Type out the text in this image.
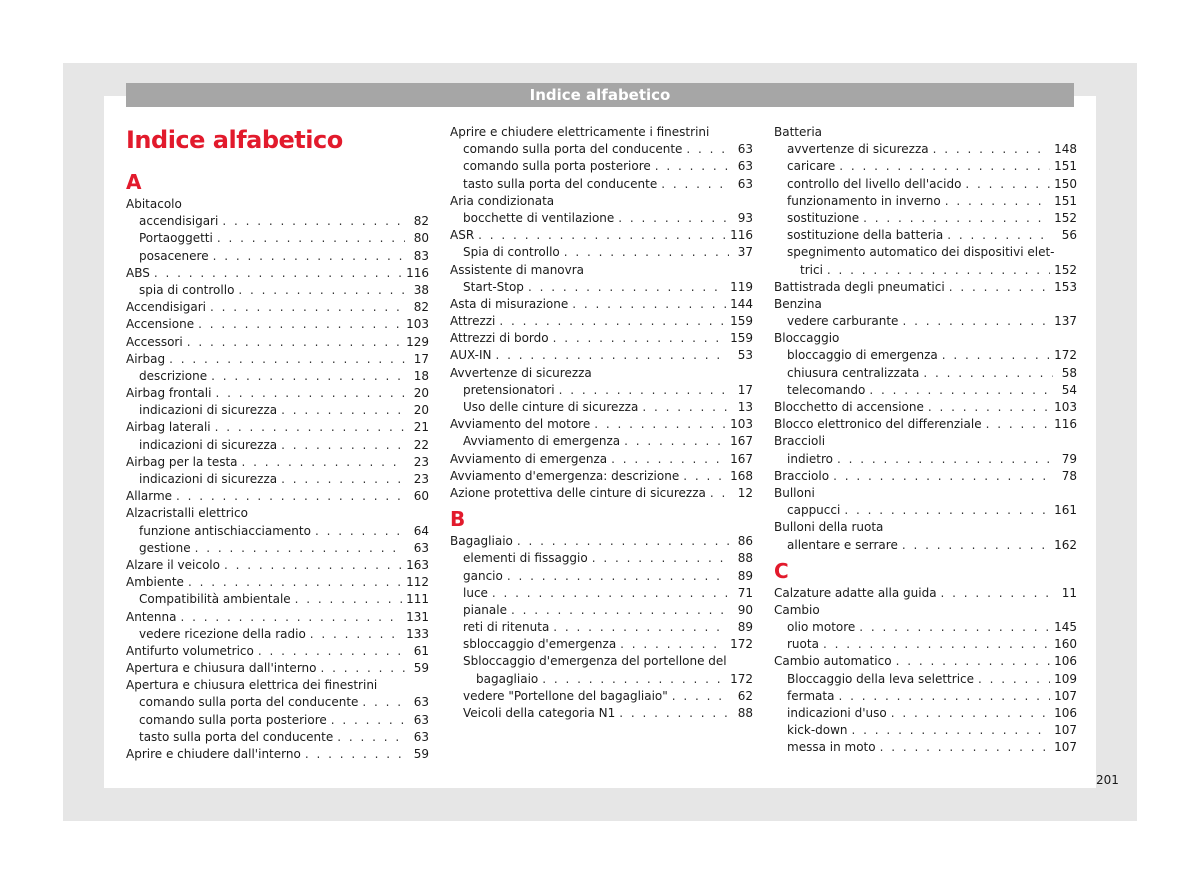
Indice alfabetico
Indice alfabetico
A
Abitacolo
accendisigari . . .	82
Portaoggetti . . .	80
posacenere . . .	83
ABS . . .	116
spia di controllo . . .	38
Accendisigari . . .	82
Accensione . . .	103
Accessori . . .	129
Airbag . . .	17
descrizione . . .	18
Airbag frontali . . .	20
indicazioni di sicurezza . . .	20
Airbag laterali . . .	21
indicazioni di sicurezza . . .	22
Airbag per la testa . . .	23
indicazioni di sicurezza . . .	23
Allarme . . .	60
Alzacristalli elettrico
funzione antischiacciamento . . .	64
gestione . . .	63
Alzare il veicolo . . .	163
Ambiente . . .	112
Compatibilità ambientale . . .	111
Antenna . . .	131
vedere ricezione della radio . . .	133
Antifurto volumetrico . . .	61
Apertura e chiusura dall'interno . . .	59
Apertura e chiusura elettrica dei finestrini
comando sulla porta del conducente . . .	63
comando sulla porta posteriore . . .	63
tasto sulla porta del conducente . . .	63
Aprire e chiudere dall'interno . . .	59
Aprire e chiudere elettricamente i finestrini
comando sulla porta del conducente . . .	63
comando sulla porta posteriore . . .	63
tasto sulla porta del conducente . . .	63
Aria condizionata
bocchette di ventilazione . . .	93
ASR . . .	116
Spia di controllo . . .	37
Assistente di manovra
Start-Stop . . .	119
Asta di misurazione . . .	144
Attrezzi . . .	159
Attrezzi di bordo . . .	159
AUX-IN . . .	53
Avvertenze di sicurezza
pretensionatori . . .	17
Uso delle cinture di sicurezza . . .	13
Avviamento del motore . . .	103
Avviamento di emergenza . . .	167
Avviamento di emergenza . . .	167
Avviamento d'emergenza: descrizione . . .	168
Azione protettiva delle cinture di sicurezza . . .	12
B
Bagagliaio . . .	86
elementi di fissaggio . . .	88
gancio . . .	89
luce . . .	71
pianale . . .	90
reti di ritenuta . . .	89
sbloccaggio d'emergenza . . .	172
Sbloccaggio d'emergenza del portellone del
bagagliaio . . .	172
vedere "Portellone del bagagliaio" . . .	62
Veicoli della categoria N1 . . .	88
Batteria
avvertenze di sicurezza . . .	148
caricare . . .	151
controllo del livello dell'acido . . .	150
funzionamento in inverno . . .	151
sostituzione . . .	152
sostituzione della batteria . . .	56
spegnimento automatico dei dispositivi elet-
trici . . .	152
Battistrada degli pneumatici . . .	153
Benzina
vedere carburante . . .	137
Bloccaggio
bloccaggio di emergenza . . .	172
chiusura centralizzata . . .	58
telecomando . . .	54
Blocchetto di accensione . . .	103
Blocco elettronico del differenziale . . .	116
Braccioli
indietro . . .	79
Bracciolo . . .	78
Bulloni
cappucci . . .	161
Bulloni della ruota
allentare e serrare . . .	162
C
Calzature adatte alla guida . . .	11
Cambio
olio motore . . .	145
ruota . . .	160
Cambio automatico . . .	106
Bloccaggio della leva selettrice . . .	109
fermata . . .	107
indicazioni d'uso . . .	106
kick-down . . .	107
messa in moto . . .	107
201
